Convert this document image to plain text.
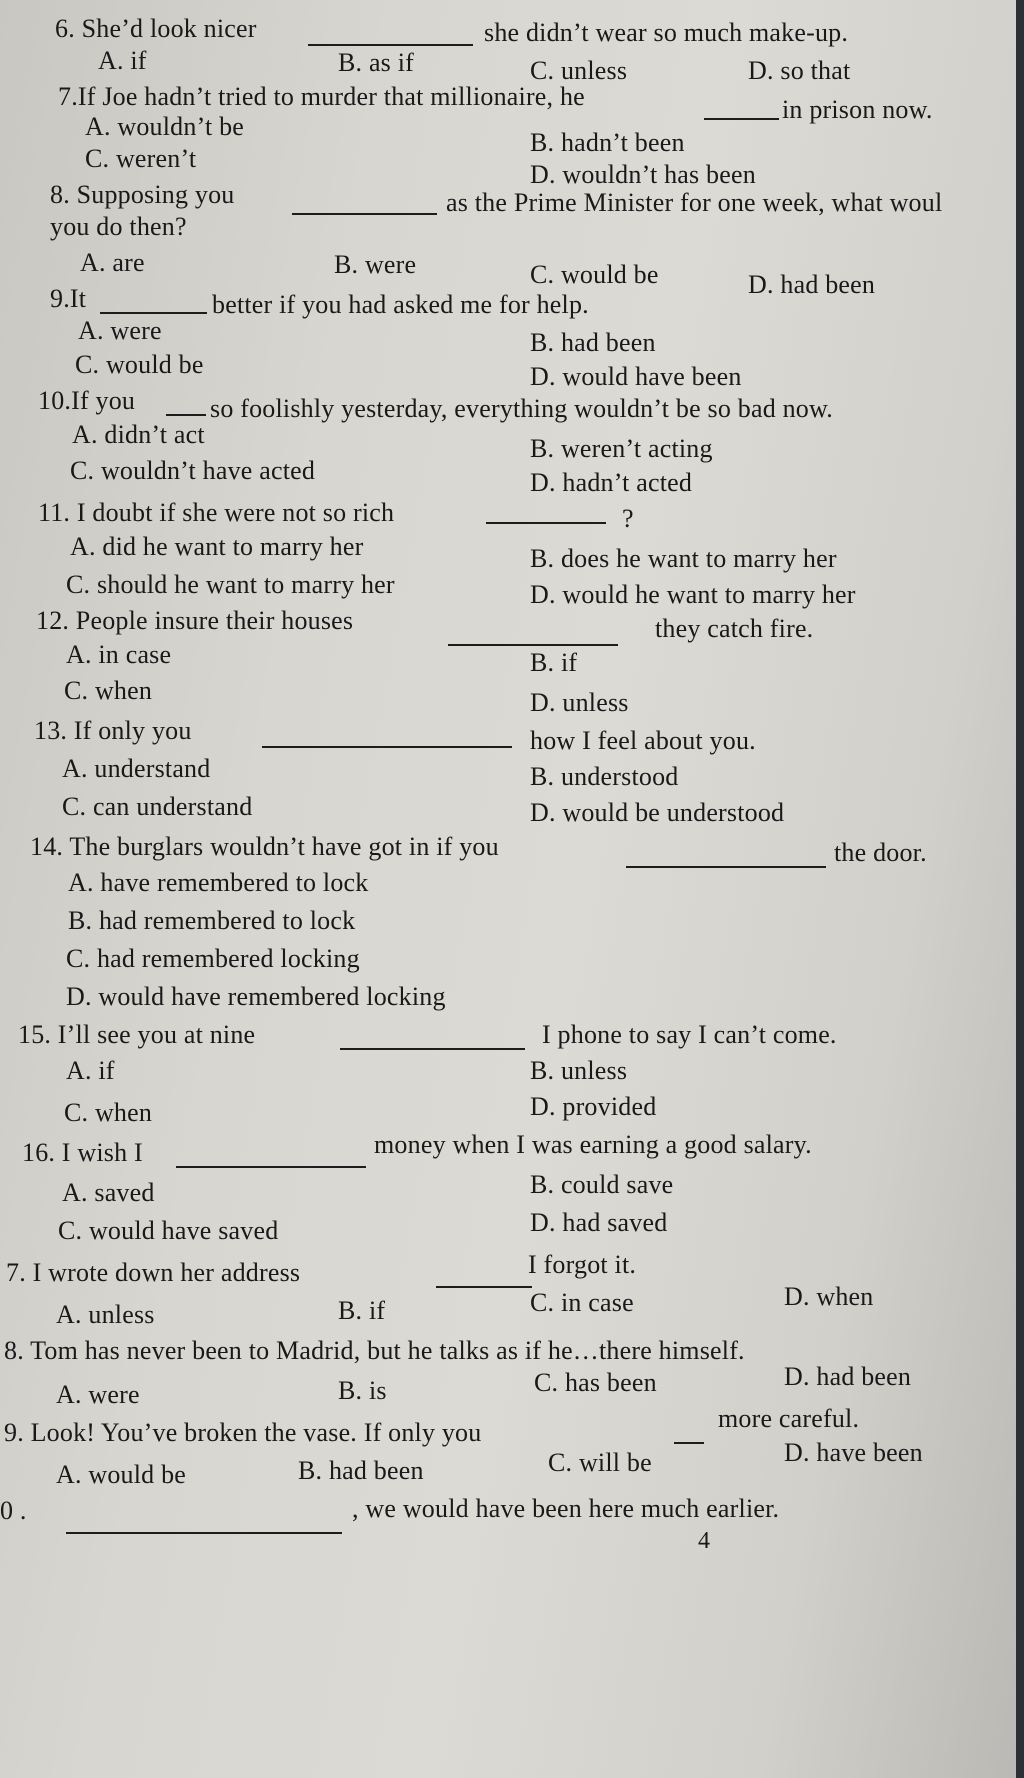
6. She’d look nicer	she didn’t wear so much make-up.
A. if	B. as if	C. unless	D. so that
7.If Joe hadn’t tried to murder that millionaire, he	in prison now.
A. wouldn’t be
B. hadn’t been
C. weren’t
D. wouldn’t has been
8. Supposing you	as the Prime Minister for one week, what woul
you do then?
A. are	B. were	C. would be	D. had been
9.It	better if you had asked me for help.
A. were	B. had been
C. would be	D. would have been
10.If you	so foolishly yesterday, everything wouldn’t be so bad now.
A. didn’t act	B. weren’t acting
C. wouldn’t have acted	D. hadn’t acted
11. I doubt if she were not so rich	?
A. did he want to marry her	B. does he want to marry her
C. should he want to marry her	D. would he want to marry her
12. People insure their houses	they catch fire.
A. in case	B. if
C. when	D. unless
13. If only you	how I feel about you.
A. understand	B. understood
C. can understand	D. would be understood
14. The burglars wouldn’t have got in if you	the door.
A. have remembered to lock
B. had remembered to lock
C. had remembered locking
D. would have remembered locking
15. I’ll see you at nine	I phone to say I can’t come.
A. if	B. unless
C. when	D. provided
16. I wish I	money when I was earning a good salary.
A. saved	B. could save
C. would have saved	D. had saved
7. I wrote down her address	I forgot it.
A. unless	B. if	C. in case	D. when
8. Tom has never been to Madrid, but he talks as if he…there himself.
A. were	B. is	C. has been	D. had been
9. Look! You’ve broken the vase. If only you	more careful.
A. would be	B. had been	C. will be	D. have been
0 .	, we would have been here much earlier.
4
